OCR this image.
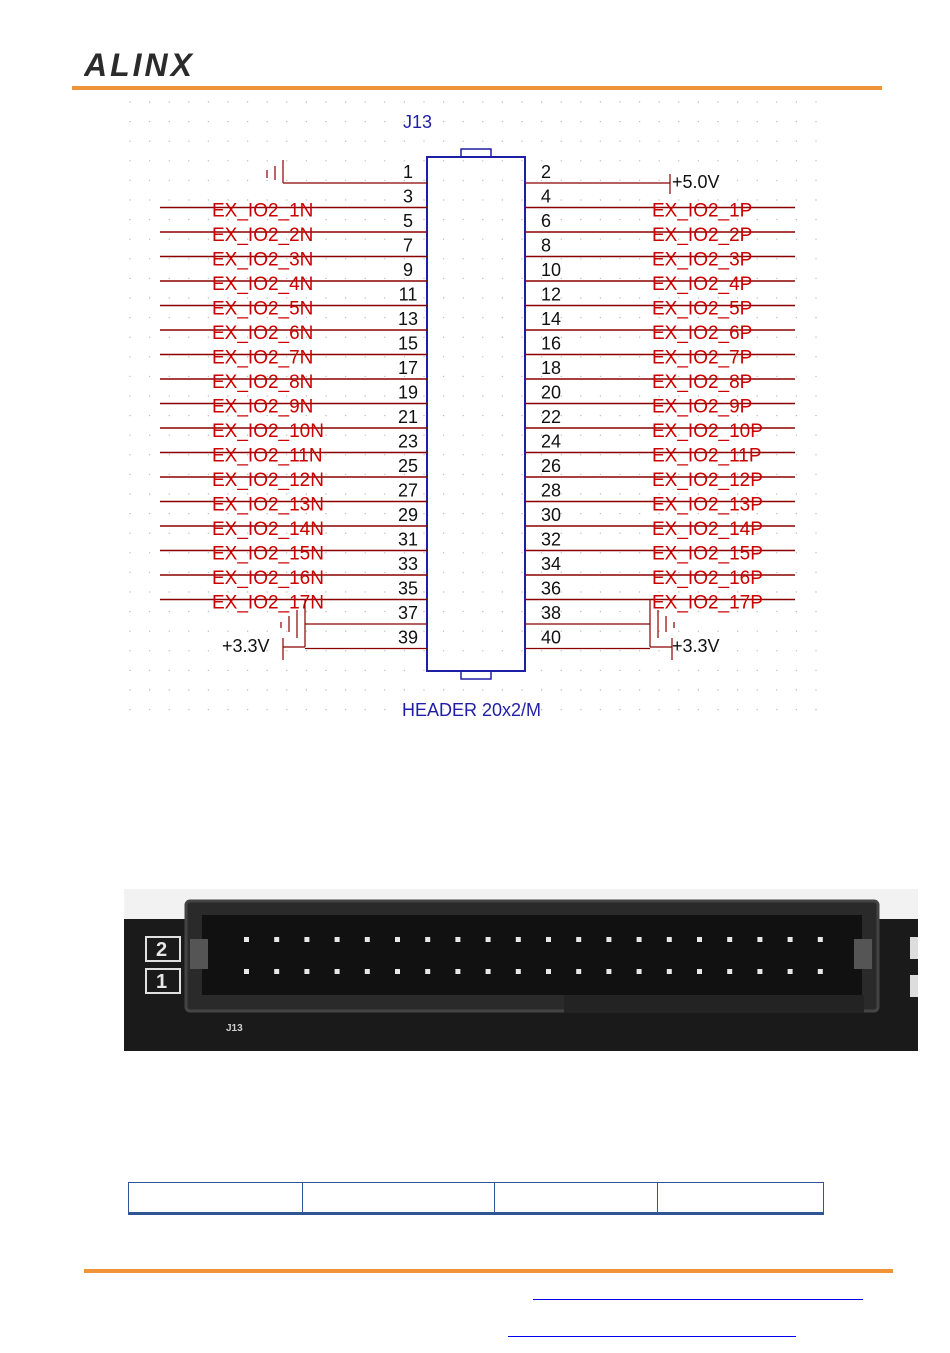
ALINX
J13
1	2
3	4
EX_IO2_1N	EX_IO2_1P
5	6
EX_IO2_2N	EX_IO2_2P
7	8
EX_IO2_3N	EX_IO2_3P
9	10
EX_IO2_4N	EX_IO2_4P
11	12
EX_IO2_5N	EX_IO2_5P
13	14
EX_IO2_6N	EX_IO2_6P
15	16
EX_IO2_7N	EX_IO2_7P
17	18
EX_IO2_8N	EX_IO2_8P
19	20
EX_IO2_9N	EX_IO2_9P
21	22
EX_IO2_10N	EX_IO2_10P
23	24
EX_IO2_11N	EX_IO2_11P
25	26
EX_IO2_12N	EX_IO2_12P
27	28
EX_IO2_13N	EX_IO2_13P
29	30
EX_IO2_14N	EX_IO2_14P
31	32
EX_IO2_15N	EX_IO2_15P
33	34
EX_IO2_16N	EX_IO2_16P
35	36
EX_IO2_17N	EX_IO2_17P
37	38
39	40
+5.0V
+3.3V	+3.3V
HEADER 20x2/M
2
1
J13
